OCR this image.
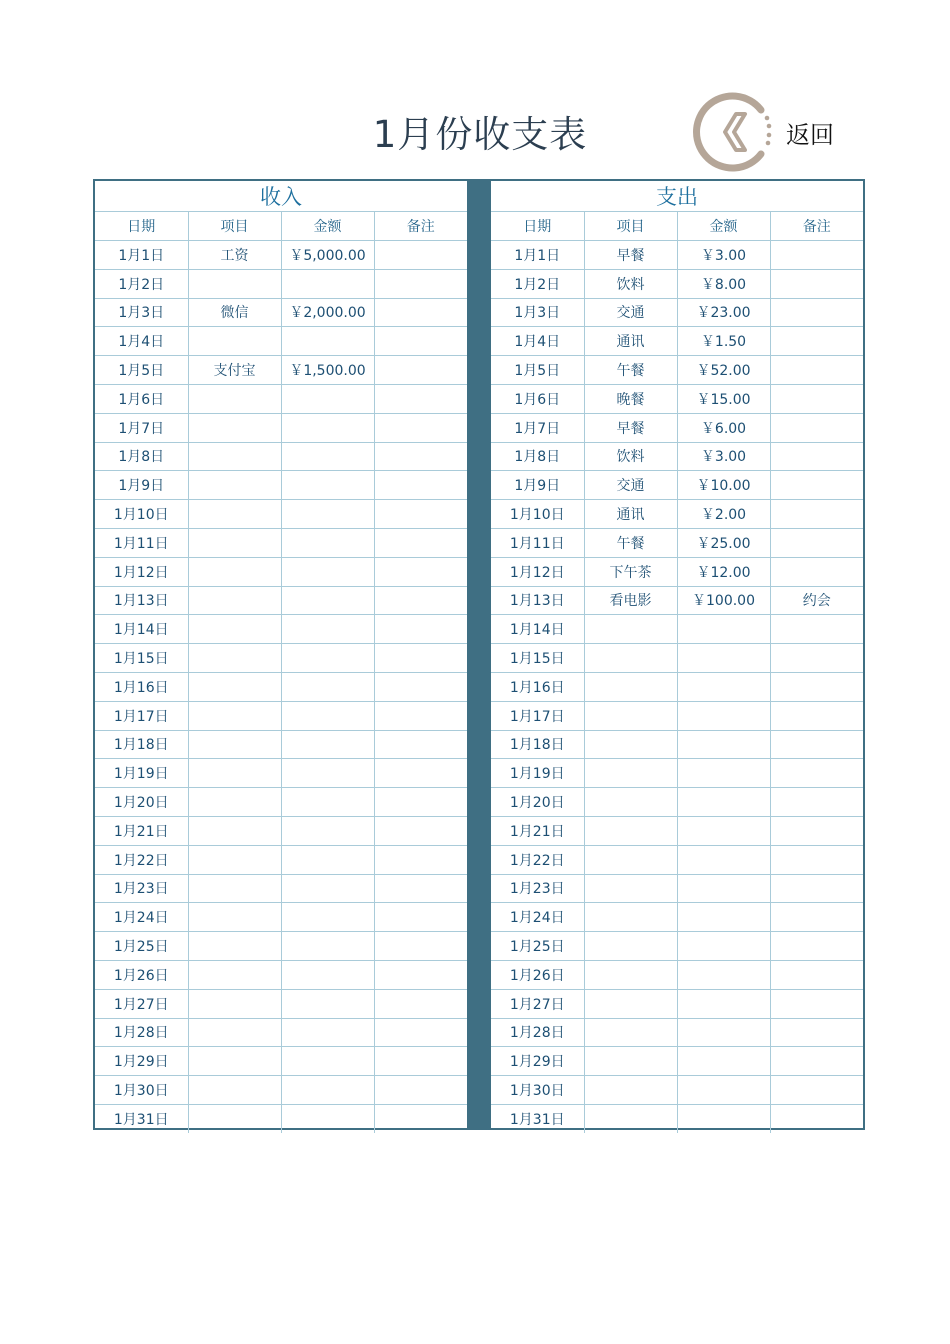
1月份收支表	返回
收入			
日期	项目	金额	备注
1月1日	工资	￥5,000.00	
1月2日			
1月3日	微信	￥2,000.00	
1月4日			
1月5日	支付宝	￥1,500.00	
1月6日			
1月7日			
1月8日			
1月9日			
1月10日			
1月11日			
1月12日			
1月13日			
1月14日			
1月15日			
1月16日			
1月17日			
1月18日			
1月19日			
1月20日			
1月21日			
1月22日			
1月23日			
1月24日			
1月25日			
1月26日			
1月27日			
1月28日			
1月29日			
1月30日			
1月31日			
支出			
日期	项目	金额	备注
1月1日	早餐	￥3.00	
1月2日	饮料	￥8.00	
1月3日	交通	￥23.00	
1月4日	通讯	￥1.50	
1月5日	午餐	￥52.00	
1月6日	晚餐	￥15.00	
1月7日	早餐	￥6.00	
1月8日	饮料	￥3.00	
1月9日	交通	￥10.00	
1月10日	通讯	￥2.00	
1月11日	午餐	￥25.00	
1月12日	下午茶	￥12.00	
1月13日	看电影	￥100.00	约会
1月14日			
1月15日			
1月16日			
1月17日			
1月18日			
1月19日			
1月20日			
1月21日			
1月22日			
1月23日			
1月24日			
1月25日			
1月26日			
1月27日			
1月28日			
1月29日			
1月30日			
1月31日			
